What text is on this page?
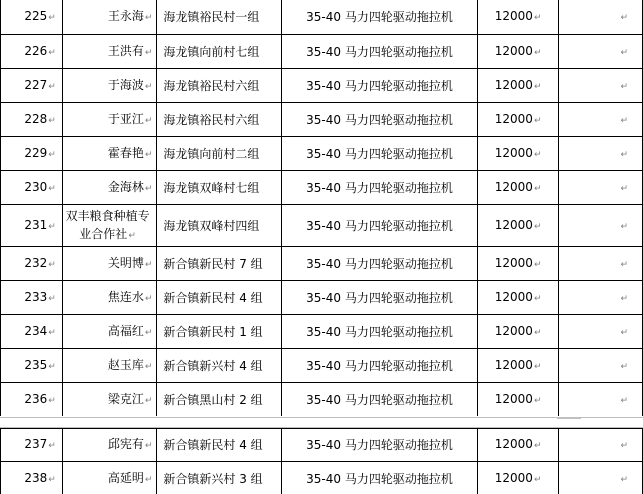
225↵	王永海↵	海龙镇裕民村一组	35-40 马力四轮驱动拖拉机	12000↵	↵
226↵	王洪有↵	海龙镇向前村七组	35-40 马力四轮驱动拖拉机	12000↵	↵
227↵	于海波↵	海龙镇裕民村六组	35-40 马力四轮驱动拖拉机	12000↵	↵
228↵	于亚江↵	海龙镇裕民村六组	35-40 马力四轮驱动拖拉机	12000↵	↵
229↵	霍春艳↵	海龙镇向前村二组	35-40 马力四轮驱动拖拉机	12000↵	↵
230↵	金海林↵	海龙镇双峰村七组	35-40 马力四轮驱动拖拉机	12000↵	↵
231↵	双丰粮食种植专业合作社↵	海龙镇双峰村四组	35-40 马力四轮驱动拖拉机	12000↵	↵
232↵	关明博↵	新合镇新民村 7 组	35-40 马力四轮驱动拖拉机	12000↵	↵
233↵	焦连水↵	新合镇新民村 4 组	35-40 马力四轮驱动拖拉机	12000↵	↵
234↵	高福红↵	新合镇新民村 1 组	35-40 马力四轮驱动拖拉机	12000↵	↵
235↵	赵玉库↵	新合镇新兴村 4 组	35-40 马力四轮驱动拖拉机	12000↵	↵
236↵	梁克江↵	新合镇黑山村 2 组	35-40 马力四轮驱动拖拉机	12000↵	↵
237↵	邱宪有↵	新合镇新民村 4 组	35-40 马力四轮驱动拖拉机	12000↵	↵
238↵	高延明↵	新合镇新兴村 3 组	35-40 马力四轮驱动拖拉机	12000↵	↵
